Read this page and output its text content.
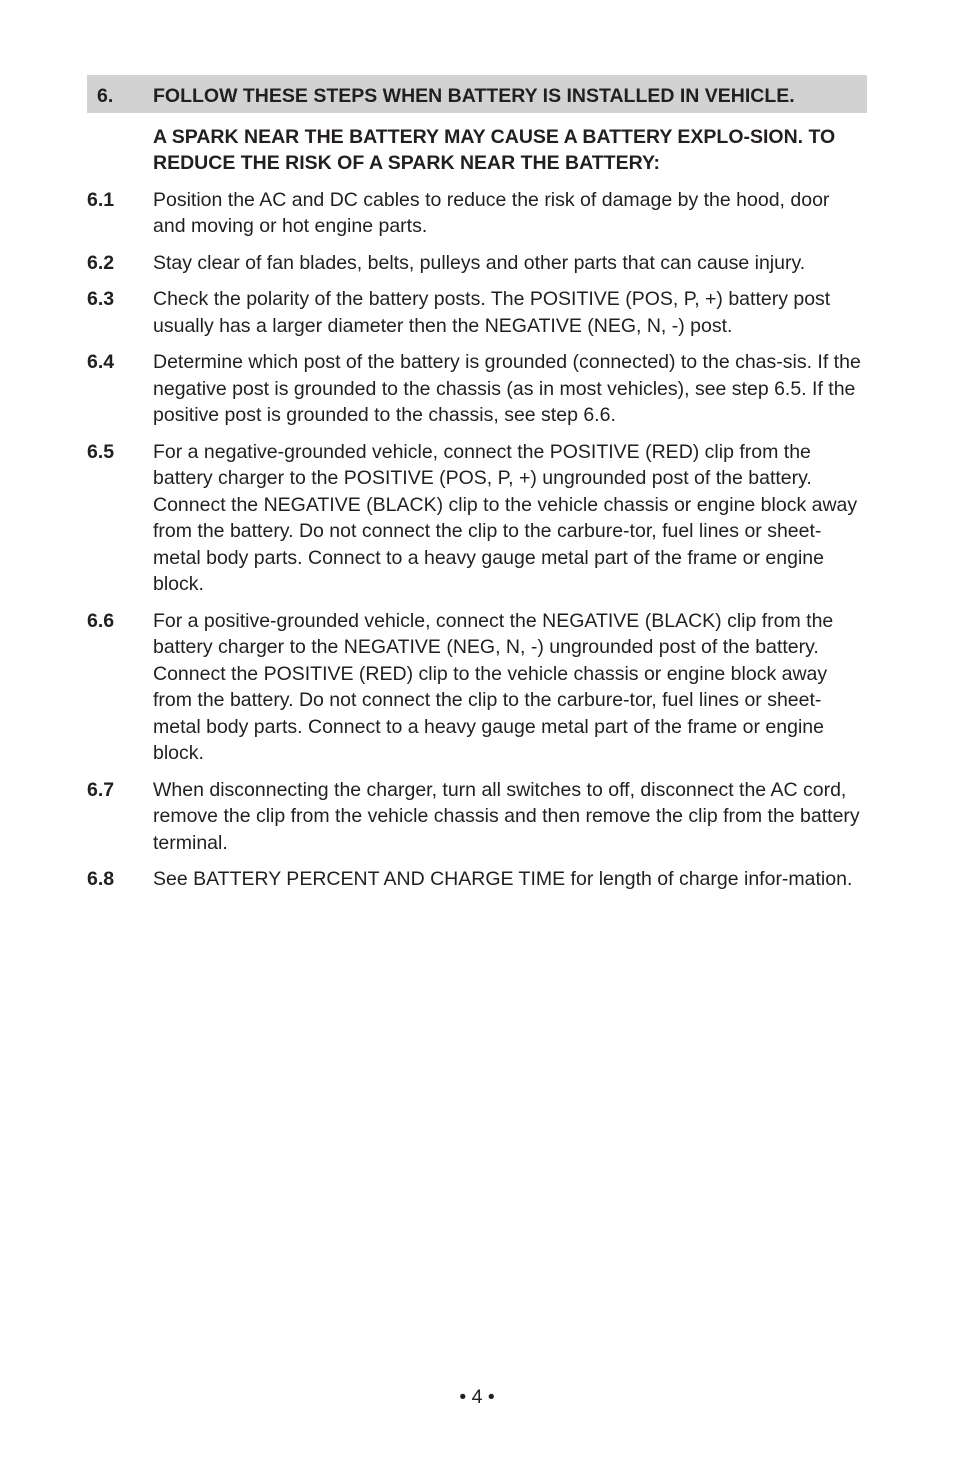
6.	FOLLOW THESE STEPS WHEN BATTERY IS INSTALLED IN VEHICLE.
A SPARK NEAR THE BATTERY MAY CAUSE A BATTERY EXPLO-SION. TO REDUCE THE RISK OF A SPARK NEAR THE BATTERY:
6.1	Position the AC and DC cables to reduce the risk of damage by the hood, door and moving or hot engine parts.
6.2	Stay clear of fan blades, belts, pulleys and other parts that can cause injury.
6.3	Check the polarity of the battery posts. The POSITIVE (POS, P, +) battery post usually has a larger diameter then the NEGATIVE (NEG, N, -) post.
6.4	Determine which post of the battery is grounded (connected) to the chas-sis. If the negative post is grounded to the chassis (as in most vehicles), see step 6.5. If the positive post is grounded to the chassis, see step 6.6.
6.5	For a negative-grounded vehicle, connect the POSITIVE (RED) clip from the battery charger to the POSITIVE (POS, P, +) ungrounded post of the battery. Connect the NEGATIVE (BLACK) clip to the vehicle chassis or engine block away from the battery. Do not connect the clip to the carbure-tor, fuel lines or sheet-metal body parts. Connect to a heavy gauge metal part of the frame or engine block.
6.6	For a positive-grounded vehicle, connect the NEGATIVE (BLACK) clip from the battery charger to the NEGATIVE (NEG, N, -) ungrounded post of the battery. Connect the POSITIVE (RED) clip to the vehicle chassis or engine block away from the battery. Do not connect the clip to the carbure-tor, fuel lines or sheet-metal body parts. Connect to a heavy gauge metal part of the frame or engine block.
6.7	When disconnecting the charger, turn all switches to off, disconnect the AC cord, remove the clip from the vehicle chassis and then remove the clip from the battery terminal.
6.8	See BATTERY PERCENT AND CHARGE TIME for length of charge infor-mation.
• 4 •
